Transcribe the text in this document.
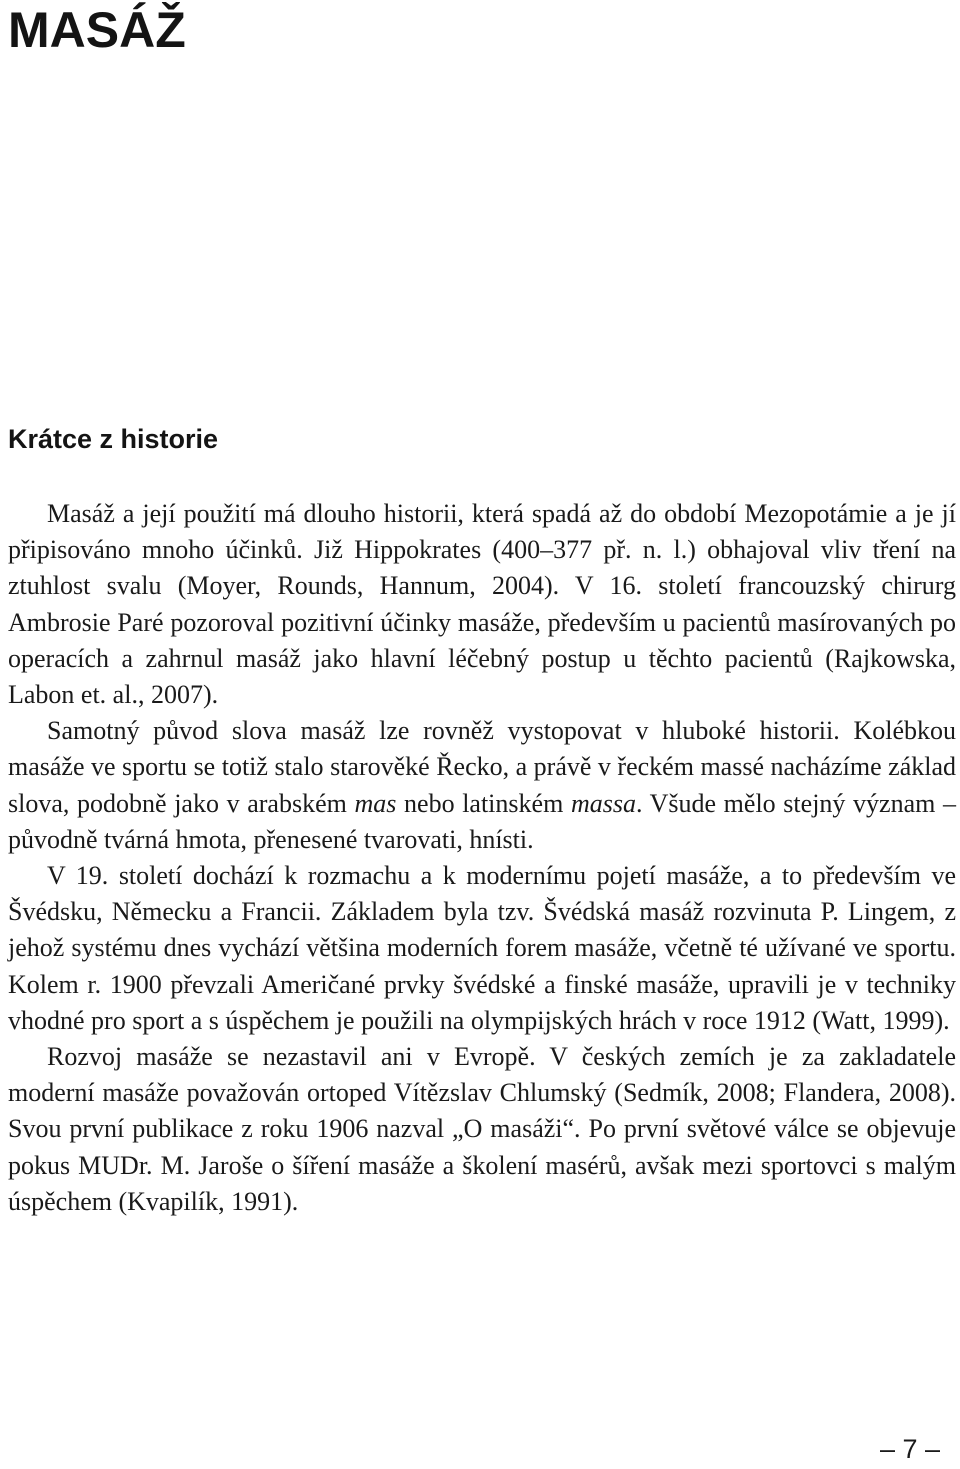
MASÁŽ
Krátce z historie

Masáž a její použití má dlouho historii, která spadá až do období Mezopotámie a je jí připisováno mnoho účinků. Již Hippokrates (400–377 př. n. l.) obhajoval vliv tření na ztuhlost svalu (Moyer, Rounds, Hannum, 2004). V 16. století francouzský chirurg Ambrosie Paré pozoroval pozitivní účinky masáže, především u pacientů masírovaných po operacích a zahrnul masáž jako hlavní léčebný postup u těchto pacientů (Rajkowska, Labon et. al., 2007).

Samotný původ slova masáž lze rovněž vystopovat v hluboké historii. Kolébkou masáže ve sportu se totiž stalo starověké Řecko, a právě v řeckém massé nacházíme základ slova, podobně jako v arabském mas nebo latinském massa. Všude mělo stejný význam – původně tvárná hmota, přenesené tvarovati, hnísti.

V 19. století dochází k rozmachu a k modernímu pojetí masáže, a to především ve Švédsku, Německu a Francii. Základem byla tzv. Švédská masáž rozvinuta P. Lingem, z jehož systému dnes vychází většina moderních forem masáže, včetně té užívané ve sportu. Kolem r. 1900 převzali Američané prvky švédské a finské masáže, upravili je v techniky vhodné pro sport a s úspěchem je použili na olympijských hrách v roce 1912 (Watt, 1999).

Rozvoj masáže se nezastavil ani v Evropě. V českých zemích je za zakladatele moderní masáže považován ortoped Vítězslav Chlumský (Sedmík, 2008; Flandera, 2008). Svou první publikace z roku 1906 nazval „O masáži“. Po první světové válce se objevuje pokus MUDr. M. Jaroše o šíření masáže a školení masérů, avšak mezi sportovci s malým úspěchem (Kvapilík, 1991).

– 7 –
